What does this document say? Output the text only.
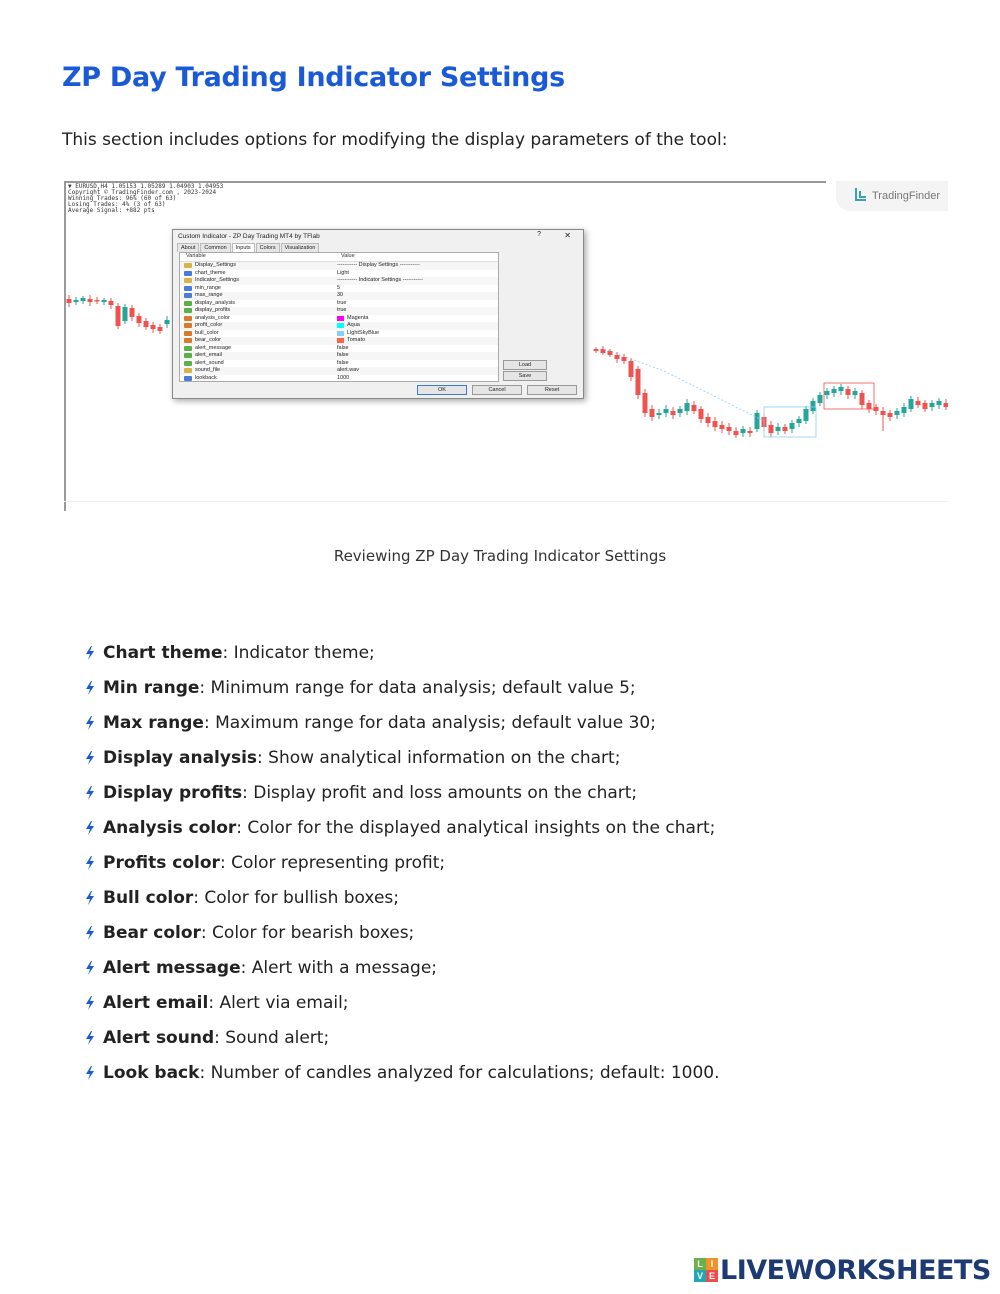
ZP Day Trading Indicator Settings
This section includes options for modifying the display parameters of the tool:
▼ EURUSD,H4 1.05153 1.05289 1.04903 1.04953
Copyright © TradingFinder.com , 2023-2024
Winning Trades: 96% (60 of 63)
Losing Trades: 4% (3 of 63)
Average Signal: +882 pts
TradingFinder
Custom Indicator - ZP Day Trading MT4 by TFlab	?	✕
About	Common	Inputs	Colors	Visualization
Variable	Value
Display_Settings	----------- Display Settings -----------
chart_theme	Light
Indicator_Settings	----------- Indicator Settings -----------
min_range	5
max_range	30
display_analysis	true
display_profits	true
analysis_color	Magenta
profit_color	Aqua
bull_color	LightSkyBlue
bear_color	Tomato
alert_message	false
alert_email	false
alert_sound	false
sound_file	alert.wav
lookback	1000
Load
Save
OK	Cancel	Reset
Reviewing ZP Day Trading Indicator Settings
Chart theme: Indicator theme;
Min range: Minimum range for data analysis; default value 5;
Max range: Maximum range for data analysis; default value 30;
Display analysis: Show analytical information on the chart;
Display profits: Display profit and loss amounts on the chart;
Analysis color: Color for the displayed analytical insights on the chart;
Profits color: Color representing profit;
Bull color: Color for bullish boxes;
Bear color: Color for bearish boxes;
Alert message: Alert with a message;
Alert email: Alert via email;
Alert sound: Sound alert;
Look back: Number of candles analyzed for calculations; default: 1000.
L I
V E LIVEWORKSHEETS
